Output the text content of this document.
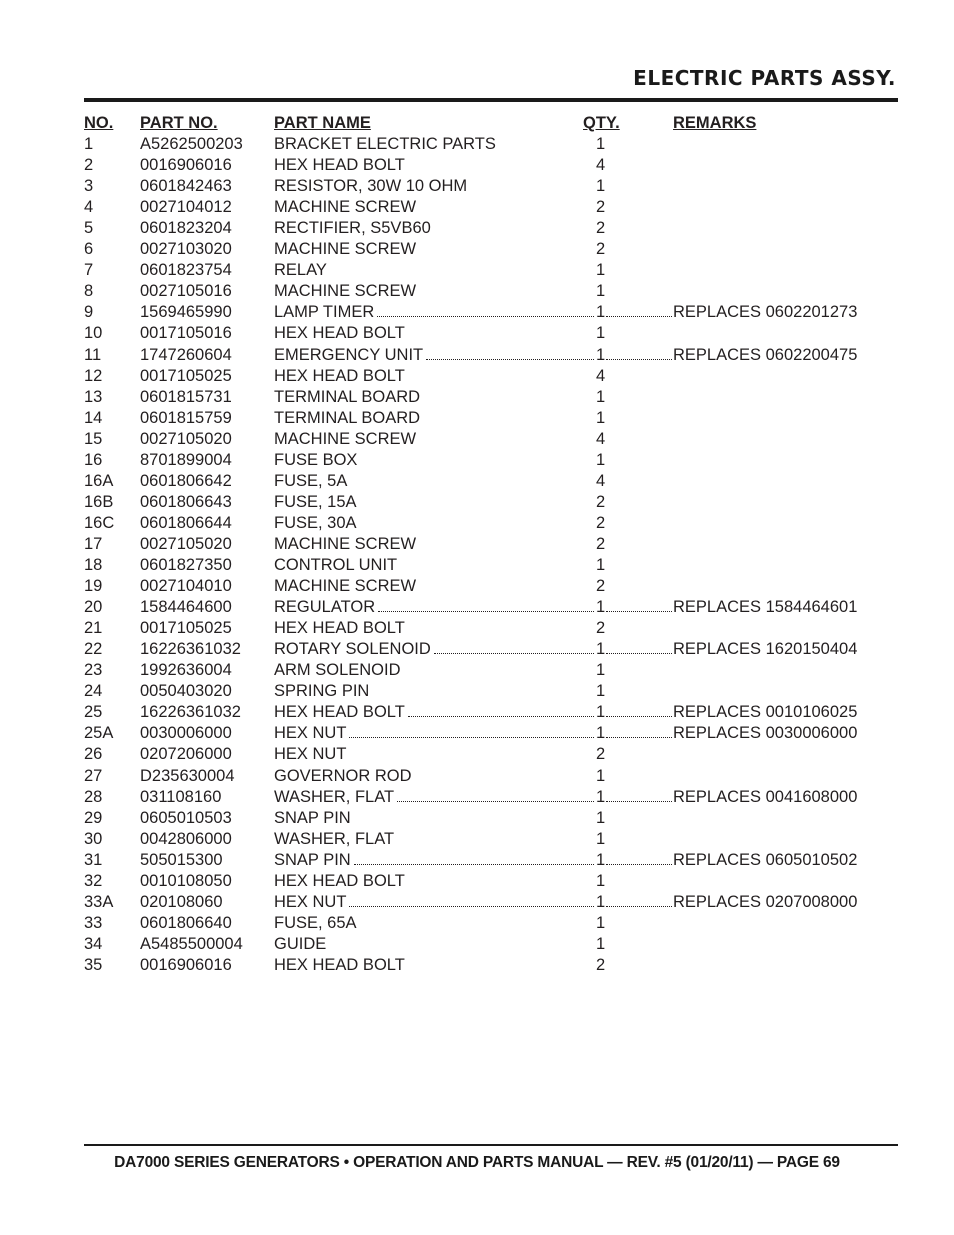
ELECTRIC PARTS ASSY.
NO. PART NO.	PART NAME	QTY.	REMARKS
1	A5262500203 BRACKET ELECTRIC PARTS	1
2	0016906016	HEX HEAD BOLT	4
3	0601842463	RESISTOR, 30W 10 OHM	1
4	0027104012	MACHINE SCREW	2
5	0601823204	RECTIFIER, S5VB60	2
6	0027103020	MACHINE SCREW	2
7	0601823754	RELAY	1
8	0027105016	MACHINE SCREW	1
9	1569465990	LAMP TIMER	1	REPLACES 0602201273
10 0017105016	HEX HEAD BOLT	1
11 1747260604	EMERGENCY UNIT	1	REPLACES 0602200475
12 0017105025	HEX HEAD BOLT	4
13 0601815731	TERMINAL BOARD	1
14 0601815759	TERMINAL BOARD	1
15 0027105020	MACHINE SCREW	4
16 8701899004	FUSE BOX	1
16A 0601806642	FUSE, 5A	4
16B 0601806643	FUSE, 15A	2
16C 0601806644	FUSE, 30A	2
17 0027105020	MACHINE SCREW	2
18 0601827350	CONTROL UNIT	1
19 0027104010	MACHINE SCREW	2
20 1584464600	REGULATOR	1	REPLACES 1584464601
21 0017105025	HEX HEAD BOLT	2
22 16226361032 ROTARY SOLENOID	1	REPLACES 1620150404
23 1992636004	ARM SOLENOID	1
24 0050403020	SPRING PIN	1
25 16226361032 HEX HEAD BOLT	1	REPLACES 0010106025
25A 0030006000	HEX NUT	1	REPLACES 0030006000
26 0207206000	HEX NUT	2
27 D235630004 GOVERNOR ROD	1
28 031108160	WASHER, FLAT	1	REPLACES 0041608000
29 0605010503	SNAP PIN	1
30 0042806000	WASHER, FLAT	1
31 505015300	SNAP PIN	1	REPLACES 0605010502
32 0010108050	HEX HEAD BOLT	1
33A 020108060	HEX NUT	1	REPLACES 0207008000
33 0601806640	FUSE, 65A	1
34 A5485500004 GUIDE	1
35 0016906016	HEX HEAD BOLT	2
DA7000 SERIES GENERATORS • OPERATION AND PARTS MANUAL — REV. #5 (01/20/11) — PAGE 69
